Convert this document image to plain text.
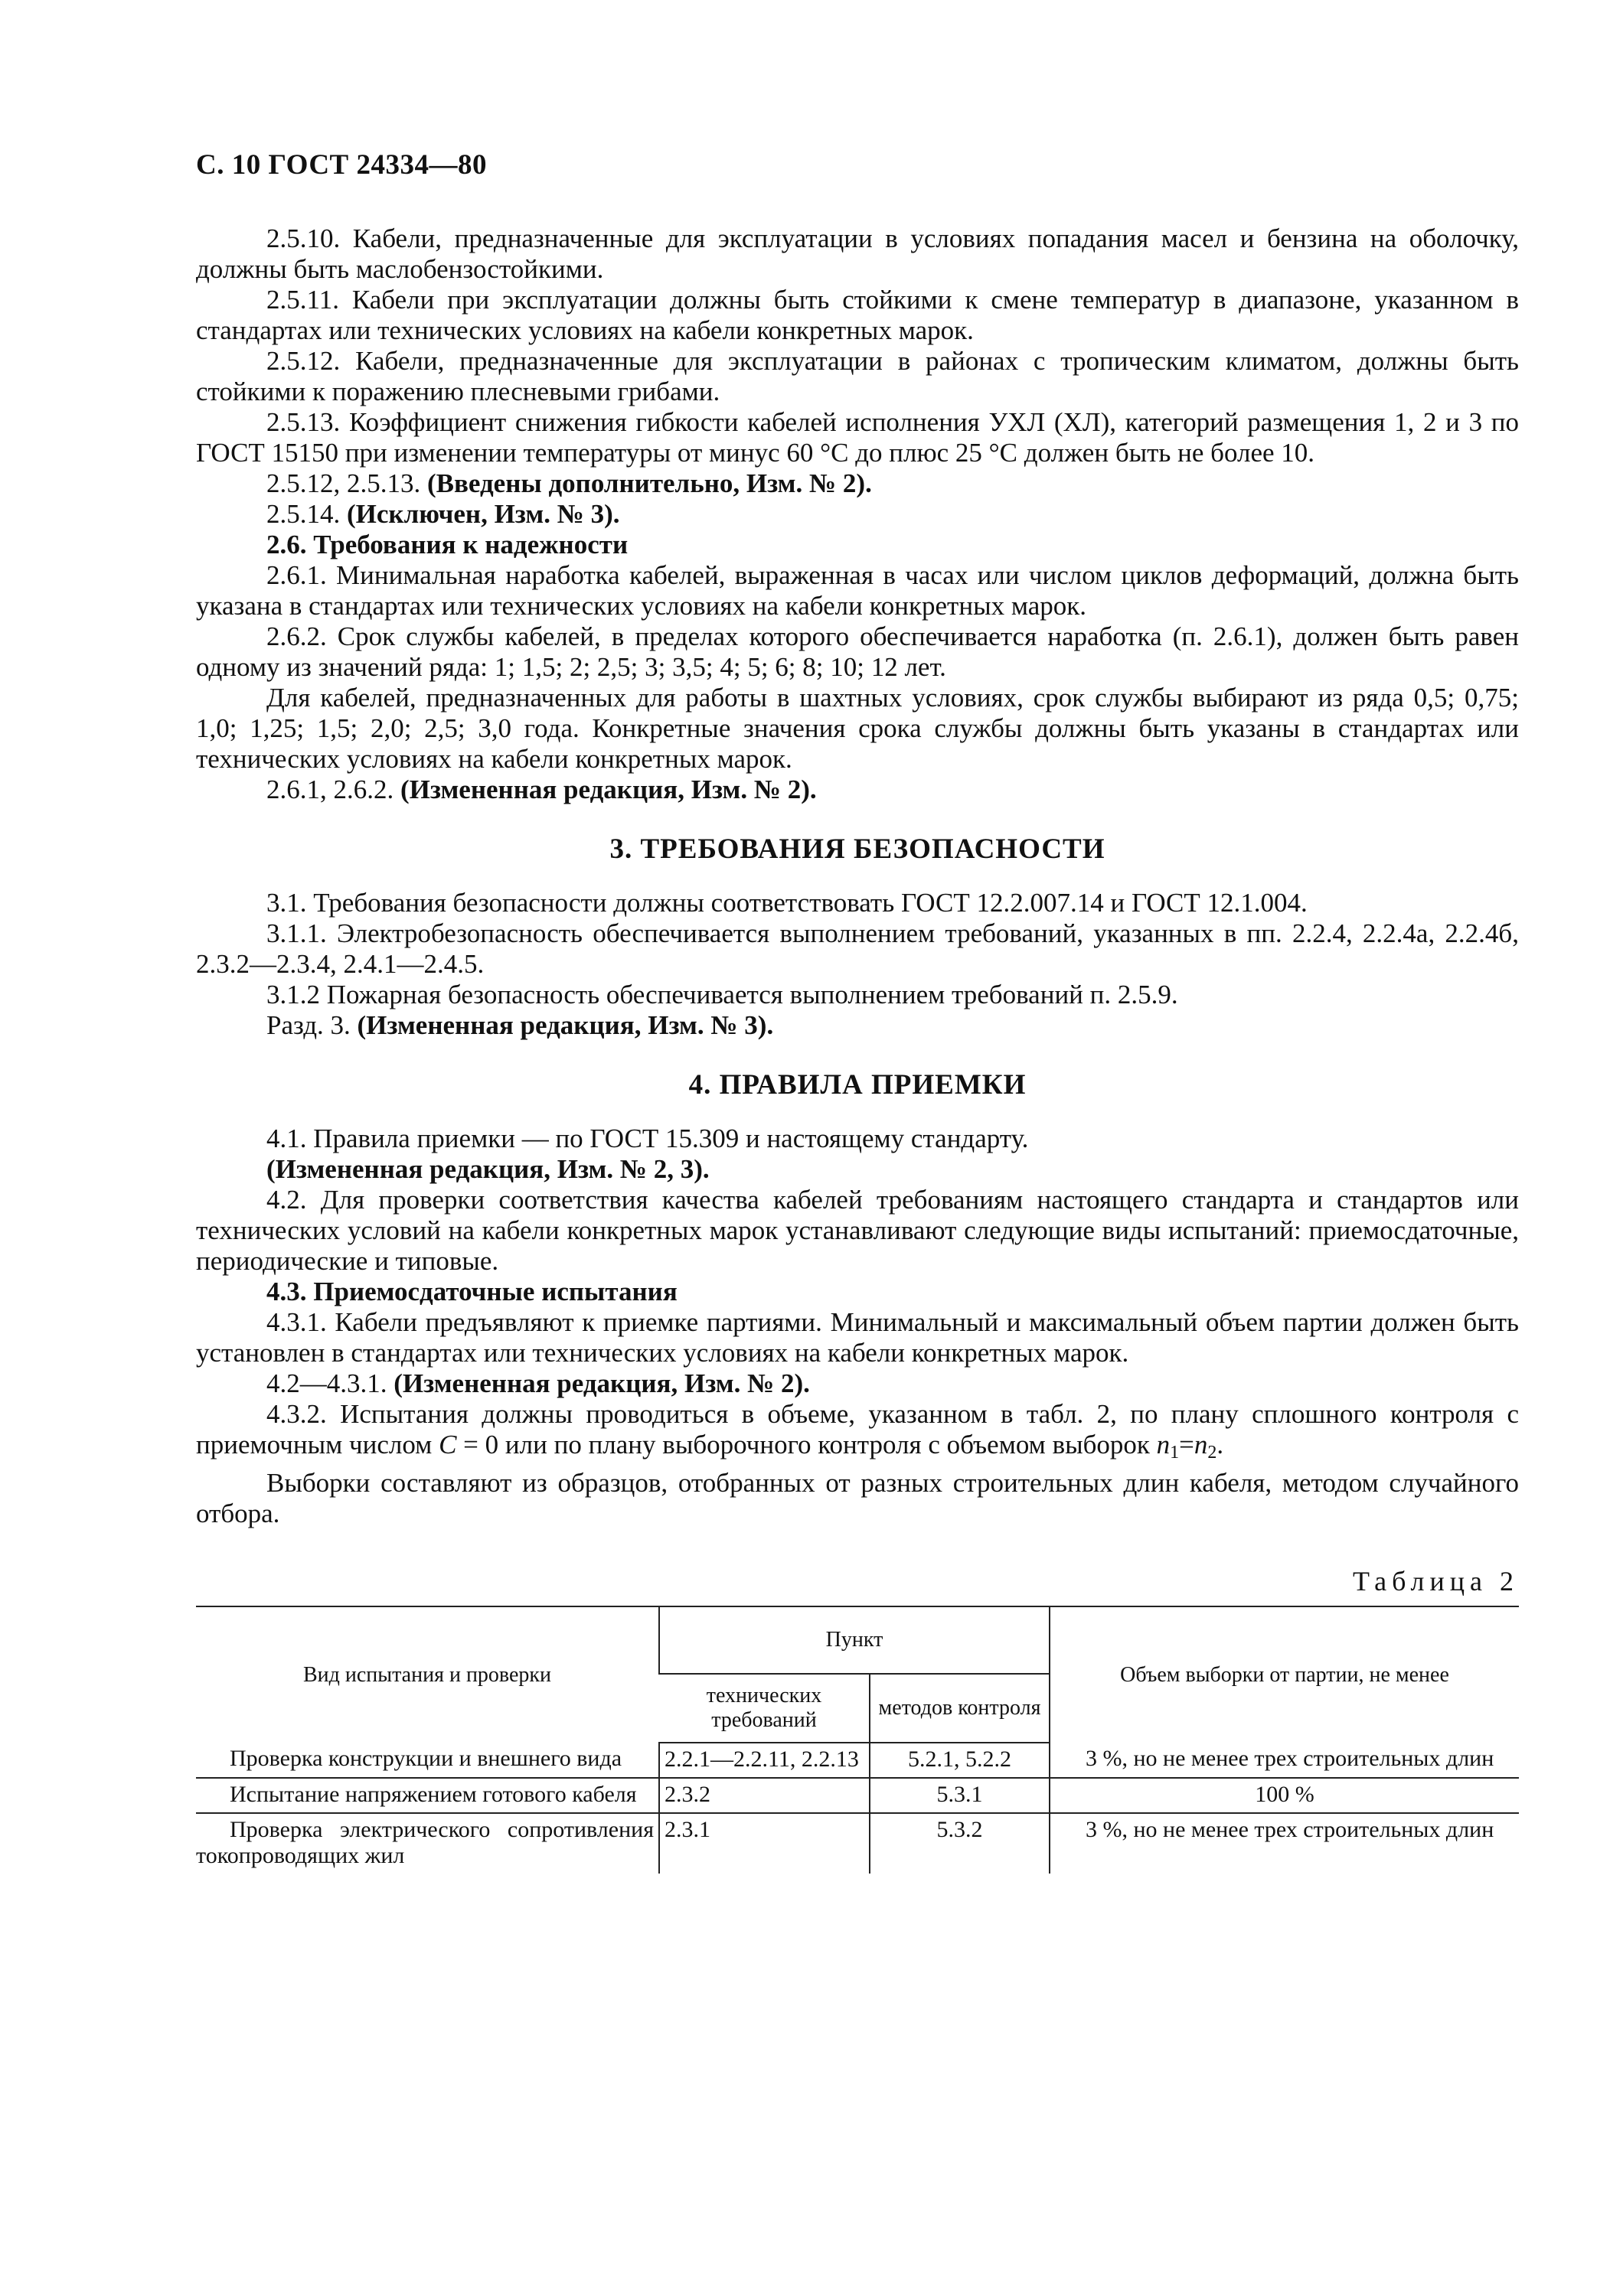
С. 10 ГОСТ 24334—80

2.5.10. Кабели, предназначенные для эксплуатации в условиях попадания масел и бензина на оболочку, должны быть маслобензостойкими.

2.5.11. Кабели при эксплуатации должны быть стойкими к смене температур в диапазоне, указанном в стандартах или технических условиях на кабели конкретных марок.

2.5.12. Кабели, предназначенные для эксплуатации в районах с тропическим климатом, должны быть стойкими к поражению плесневыми грибами.

2.5.13. Коэффициент снижения гибкости кабелей исполнения УХЛ (ХЛ), категорий размещения 1, 2 и 3 по ГОСТ 15150 при изменении температуры от минус 60 °С до плюс 25 °С должен быть не более 10.

2.5.12, 2.5.13. (Введены дополнительно, Изм. № 2).

2.5.14. (Исключен, Изм. № 3).

2.6. Требования к надежности

2.6.1. Минимальная наработка кабелей, выраженная в часах или числом циклов деформаций, должна быть указана в стандартах или технических условиях на кабели конкретных марок.

2.6.2. Срок службы кабелей, в пределах которого обеспечивается наработка (п. 2.6.1), должен быть равен одному из значений ряда: 1; 1,5; 2; 2,5; 3; 3,5; 4; 5; 6; 8; 10; 12 лет.

Для кабелей, предназначенных для работы в шахтных условиях, срок службы выбирают из ряда 0,5; 0,75; 1,0; 1,25; 1,5; 2,0; 2,5; 3,0 года. Конкретные значения срока службы должны быть указаны в стандартах или технических условиях на кабели конкретных марок.

2.6.1, 2.6.2. (Измененная редакция, Изм. № 2).

3. ТРЕБОВАНИЯ БЕЗОПАСНОСТИ

3.1. Требования безопасности должны соответствовать ГОСТ 12.2.007.14 и ГОСТ 12.1.004.

3.1.1. Электробезопасность обеспечивается выполнением требований, указанных в пп. 2.2.4, 2.2.4а, 2.2.4б, 2.3.2—2.3.4, 2.4.1—2.4.5.

3.1.2 Пожарная безопасность обеспечивается выполнением требований п. 2.5.9.

Разд. 3. (Измененная редакция, Изм. № 3).

4. ПРАВИЛА ПРИЕМКИ

4.1. Правила приемки — по ГОСТ 15.309 и настоящему стандарту.

(Измененная редакция, Изм. № 2, 3).

4.2. Для проверки соответствия качества кабелей требованиям настоящего стандарта и стандартов или технических условий на кабели конкретных марок устанавливают следующие виды испытаний: приемосдаточные, периодические и типовые.

4.3. Приемосдаточные испытания

4.3.1. Кабели предъявляют к приемке партиями. Минимальный и максимальный объем партии должен быть установлен в стандартах или технических условиях на кабели конкретных марок.

4.2—4.3.1. (Измененная редакция, Изм. № 2).

4.3.2. Испытания должны проводиться в объеме, указанном в табл. 2, по плану сплошного контроля с приемочным числом С = 0 или по плану выборочного контроля с объемом выборок $n_1=n_2$.

Выборки составляют из образцов, отобранных от разных строительных длин кабеля, методом случайного отбора.

Таблица 2
Вид испытания и проверки	Пункт		Объем выборки от партии, не менее
	технических требований	методов контроля	
Проверка конструкции и внешнего вида	2.2.1—2.2.11, 2.2.13	5.2.1, 5.2.2	3 %, но не менее трех строительных длин
Испытание напряжением готового кабеля	2.3.2	5.3.1	100 %
Проверка электрического сопротивления токопроводящих жил	2.3.1	5.3.2	3 %, но не менее трех строительных длин
